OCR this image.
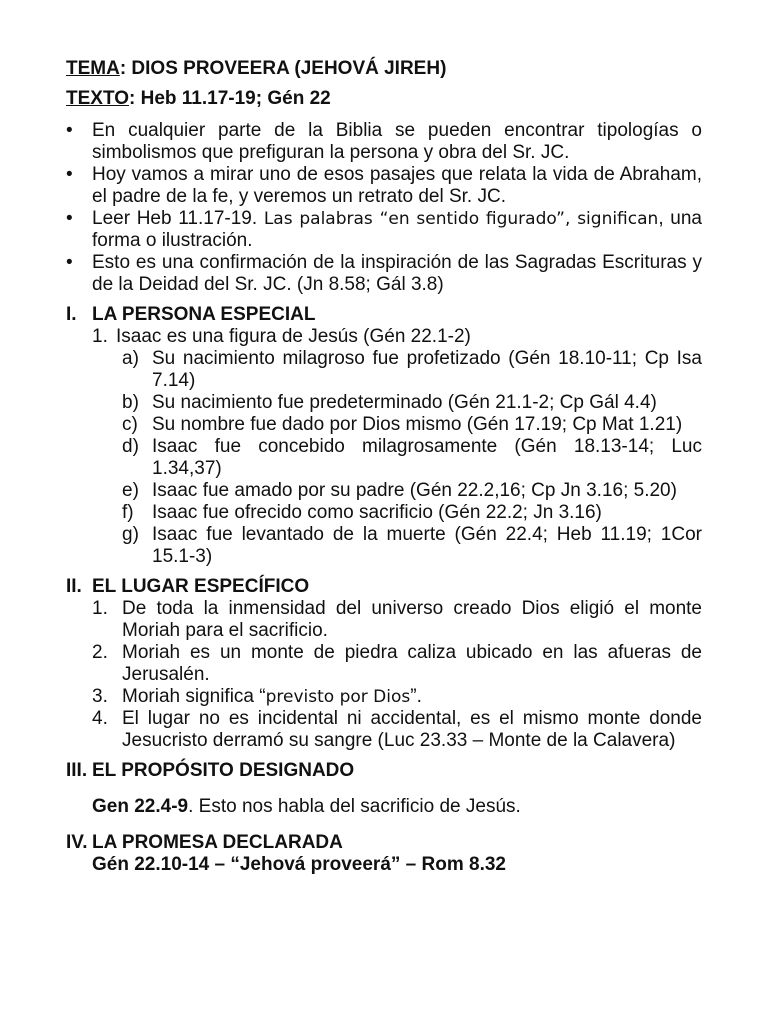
TEMA: DIOS PROVEERA (JEHOVÁ JIREH)
TEXTO: Heb 11.17-19; Gén 22
• En cualquier parte de la Biblia se pueden encontrar tipologías o simbolismos que prefiguran la persona y obra del Sr. JC.
• Hoy vamos a mirar uno de esos pasajes que relata la vida de Abraham, el padre de la fe, y veremos un retrato del Sr. JC.
• Leer Heb 11.17-19. Las palabras “en sentido figurado”, significan, una forma o ilustración.
• Esto es una confirmación de la inspiración de las Sagradas Escrituras y de la Deidad del Sr. JC. (Jn 8.58; Gál 3.8)
I. LA PERSONA ESPECIAL
1. Isaac es una figura de Jesús (Gén 22.1-2)
a) Su nacimiento milagroso fue profetizado (Gén 18.10-11; Cp Isa 7.14)
b) Su nacimiento fue predeterminado (Gén 21.1-2; Cp Gál 4.4)
c) Su nombre fue dado por Dios mismo (Gén 17.19; Cp Mat 1.21)
d) Isaac fue concebido milagrosamente (Gén 18.13-14; Luc 1.34,37)
e) Isaac fue amado por su padre (Gén 22.2,16; Cp Jn 3.16; 5.20)
f) Isaac fue ofrecido como sacrificio (Gén 22.2; Jn 3.16)
g) Isaac fue levantado de la muerte (Gén 22.4; Heb 11.19; 1Cor 15.1-3)
II. EL LUGAR ESPECÍFICO
1. De toda la inmensidad del universo creado Dios eligió el monte Moriah para el sacrificio.
2. Moriah es un monte de piedra caliza ubicado en las afueras de Jerusalén.
3. Moriah significa “previsto por Dios”.
4. El lugar no es incidental ni accidental, es el mismo monte donde Jesucristo derramó su sangre (Luc 23.33 – Monte de la Calavera)
III. EL PROPÓSITO DESIGNADO
Gen 22.4-9. Esto nos habla del sacrificio de Jesús.
IV. LA PROMESA DECLARADA
Gén 22.10-14 – “Jehová proveerá” – Rom 8.32
